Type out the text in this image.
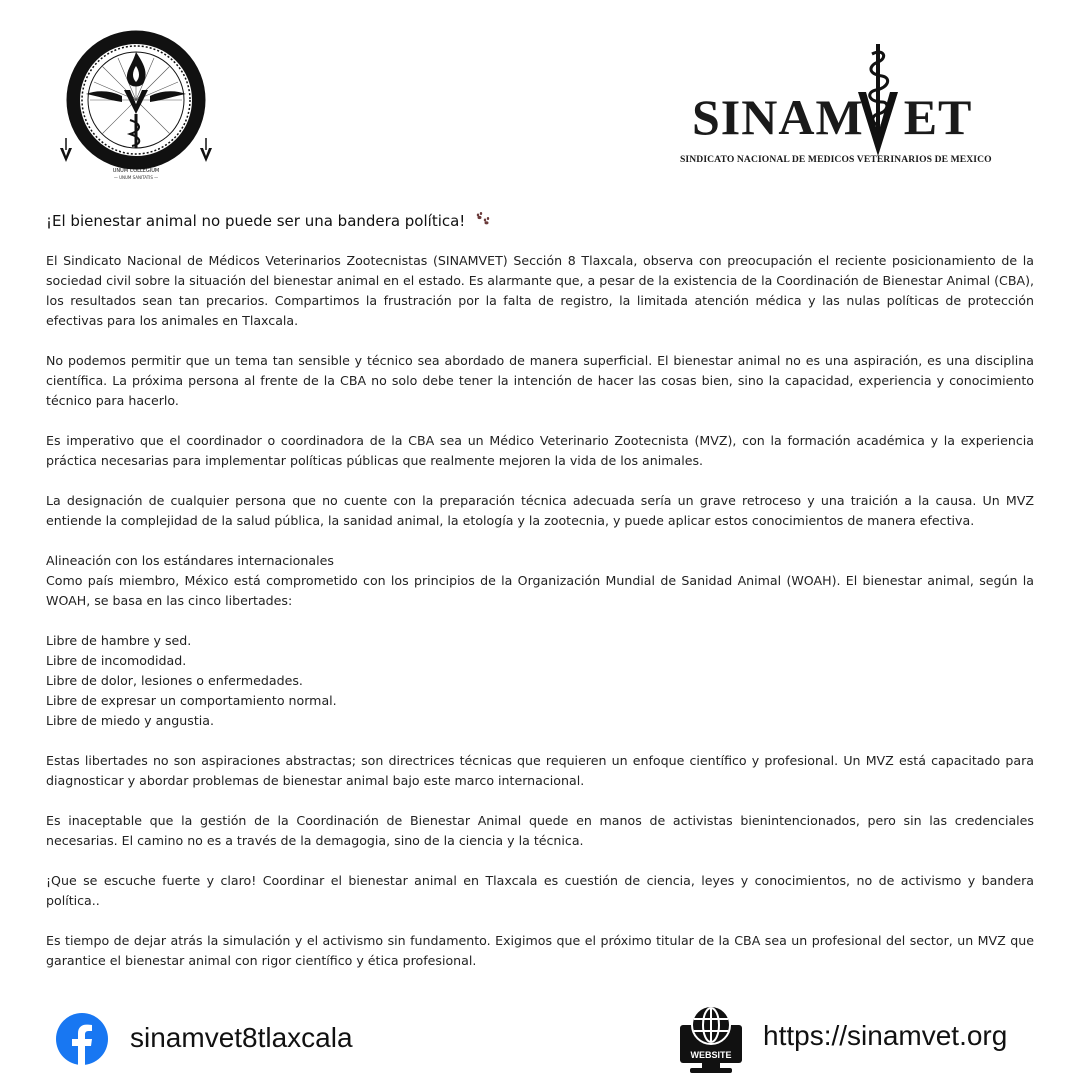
UNUM COLLEGIUM
— UNUM SANITATIS —
SINAM ET
SINDICATO NACIONAL DE MEDICOS VETERINARIOS DE MEXICO
¡El bienestar animal no puede ser una bandera política!

El Sindicato Nacional de Médicos Veterinarios Zootecnistas (SINAMVET) Sección 8 Tlaxcala, observa con preocupación el reciente posicionamiento de la sociedad civil sobre la situación del bienestar animal en el estado. Es alarmante que, a pesar de la existencia de la Coordinación de Bienestar Animal (CBA), los resultados sean tan precarios. Compartimos la frustración por la falta de registro, la limitada atención médica y las nulas políticas de protección efectivas para los animales en Tlaxcala.

No podemos permitir que un tema tan sensible y técnico sea abordado de manera superficial. El bienestar animal no es una aspiración, es una disciplina científica. La próxima persona al frente de la CBA no solo debe tener la intención de hacer las cosas bien, sino la capacidad, experiencia y conocimiento técnico para hacerlo.

Es imperativo que el coordinador o coordinadora de la CBA sea un Médico Veterinario Zootecnista (MVZ), con la formación académica y la experiencia práctica necesarias para implementar políticas públicas que realmente mejoren la vida de los animales.

La designación de cualquier persona que no cuente con la preparación técnica adecuada sería un grave retroceso y una traición a la causa. Un MVZ entiende la complejidad de la salud pública, la sanidad animal, la etología y la zootecnia, y puede aplicar estos conocimientos de manera efectiva.

Alineación con los estándares internacionales

Como país miembro, México está comprometido con los principios de la Organización Mundial de Sanidad Animal (WOAH). El bienestar animal, según la WOAH, se basa en las cinco libertades:

Libre de hambre y sed.
Libre de incomodidad.
Libre de dolor, lesiones o enfermedades.
Libre de expresar un comportamiento normal.
Libre de miedo y angustia.

Estas libertades no son aspiraciones abstractas; son directrices técnicas que requieren un enfoque científico y profesional. Un MVZ está capacitado para diagnosticar y abordar problemas de bienestar animal bajo este marco internacional.

Es inaceptable que la gestión de la Coordinación de Bienestar Animal quede en manos de activistas bienintencionados, pero sin las credenciales necesarias. El camino no es a través de la demagogia, sino de la ciencia y la técnica.

¡Que se escuche fuerte y claro! Coordinar el bienestar animal en Tlaxcala es cuestión de ciencia, leyes y conocimientos, no de activismo y bandera política..

Es tiempo de dejar atrás la simulación y el activismo sin fundamento. Exigimos que el próximo titular de la CBA sea un profesional del sector, un MVZ que garantice el bienestar animal con rigor científico y ética profesional.

sinamvet8tlaxcala
WEBSITE
https://sinamvet.org
